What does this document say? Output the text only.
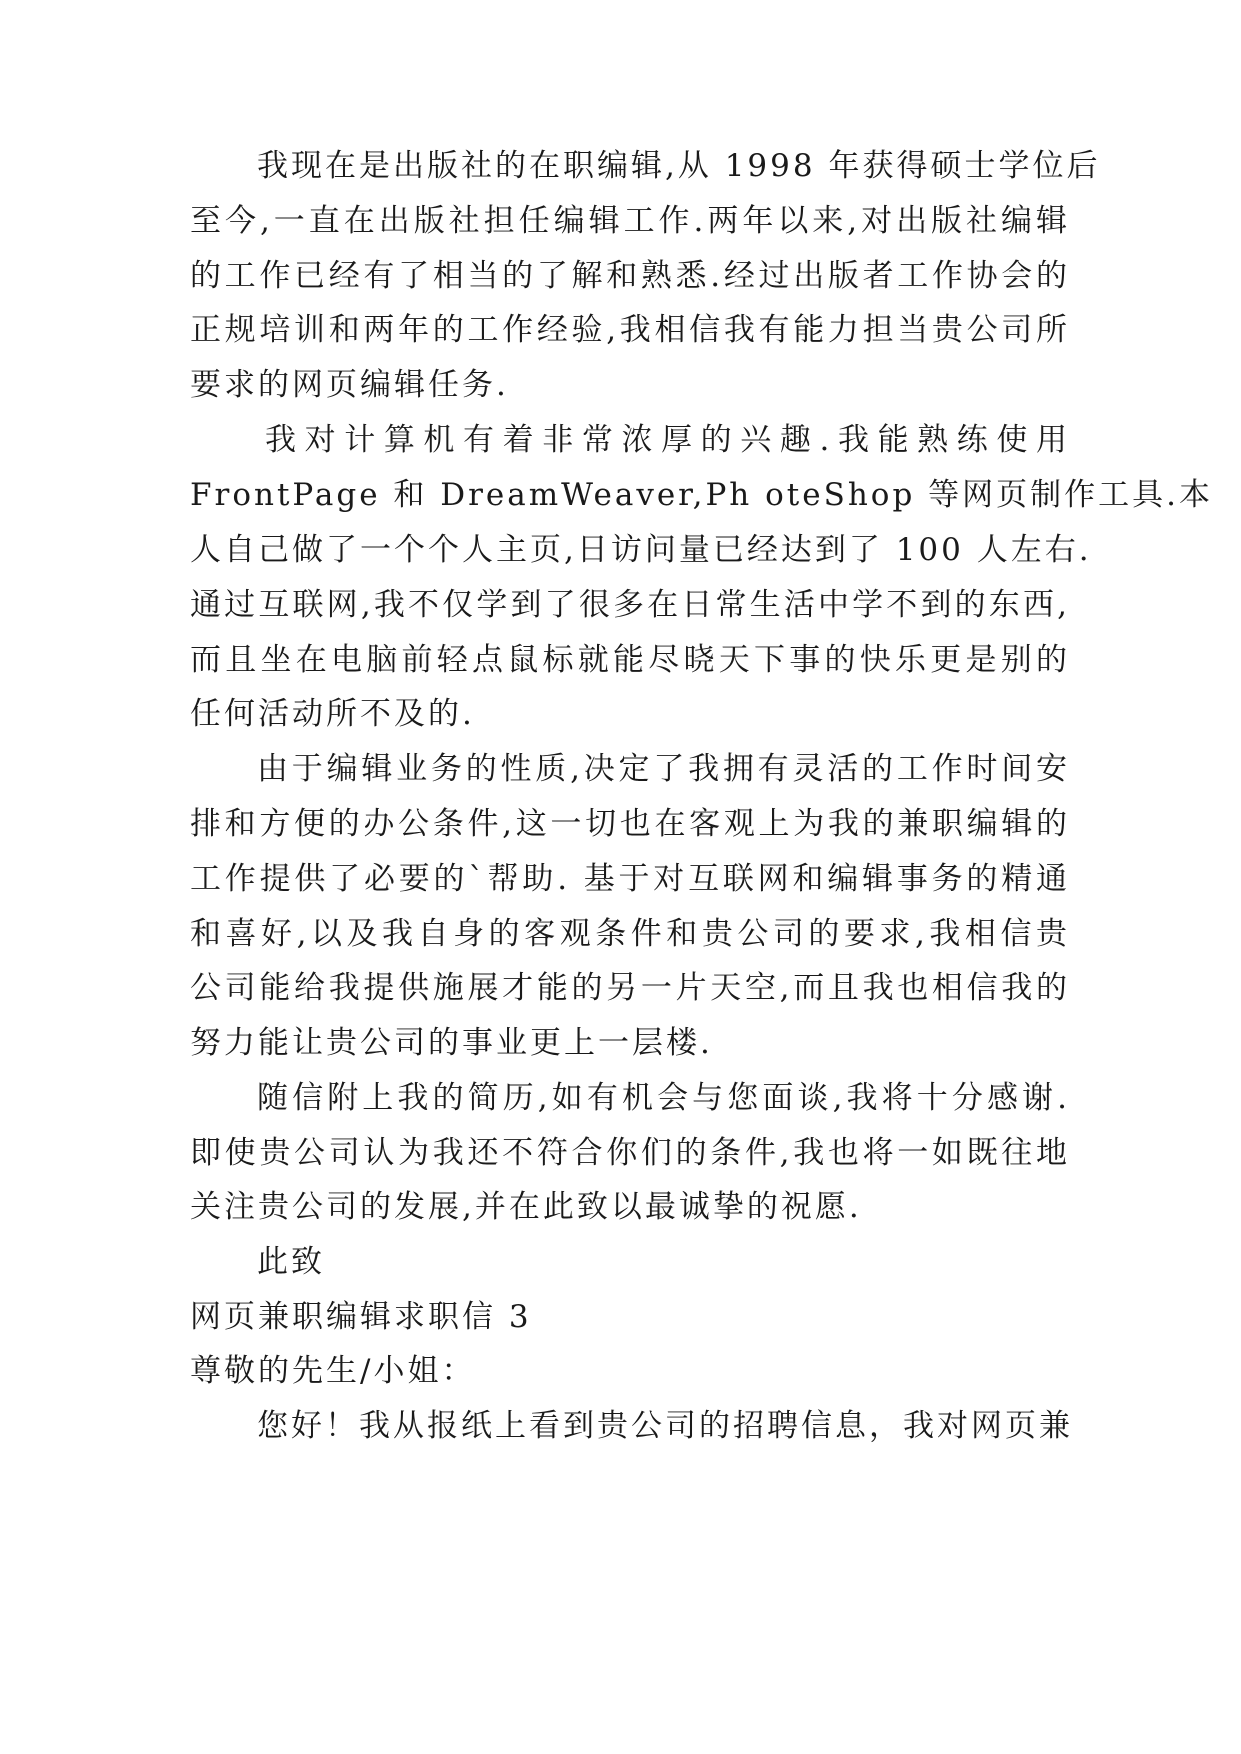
我现在是出版社的在职编辑,从 1998 年获得硕士学位后
至今,一直在出版社担任编辑工作.两年以来,对出版社编辑
的工作已经有了相当的了解和熟悉.经过出版者工作协会的
正规培训和两年的工作经验,我相信我有能力担当贵公司所
要求的网页编辑任务.
我对计算机有着非常浓厚的兴趣.我能熟练使用
FrontPage 和 DreamWeaver,Ph oteShop 等网页制作工具.本
人自己做了一个个人主页,日访问量已经达到了 100 人左右.
通过互联网,我不仅学到了很多在日常生活中学不到的东西,
而且坐在电脑前轻点鼠标就能尽晓天下事的快乐更是别的
任何活动所不及的.
由于编辑业务的性质,决定了我拥有灵活的工作时间安
排和方便的办公条件,这一切也在客观上为我的兼职编辑的
工作提供了必要的`帮助. 基于对互联网和编辑事务的精通
和喜好,以及我自身的客观条件和贵公司的要求,我相信贵
公司能给我提供施展才能的另一片天空,而且我也相信我的
努力能让贵公司的事业更上一层楼.
随信附上我的简历,如有机会与您面谈,我将十分感谢.
即使贵公司认为我还不符合你们的条件,我也将一如既往地
关注贵公司的发展,并在此致以最诚挚的祝愿.
此致
网页兼职编辑求职信 3
尊敬的先生/小姐：
您好！我从报纸上看到贵公司的招聘信息，我对网页兼
